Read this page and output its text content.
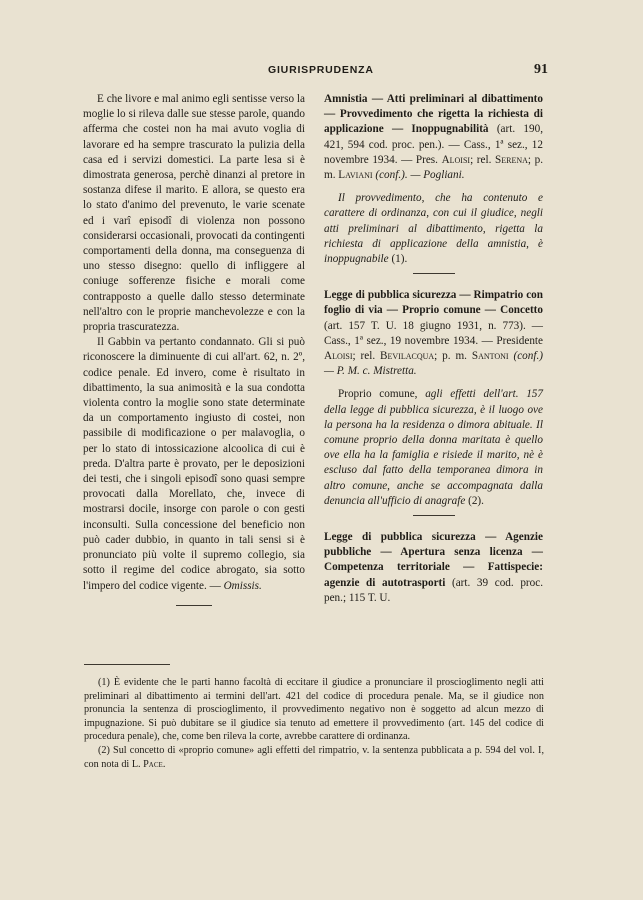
GIURISPRUDENZA	91

E che livore e mal animo egli sentisse verso la moglie lo si rileva dalle sue stesse parole, quando afferma che costei non ha mai avuto voglia di lavorare ed ha sempre trascurato la pulizia della casa ed i servizi domestici. La parte lesa si è dimostrata generosa, perchè dinanzi al pretore in sostanza difese il marito. E allora, se questo era lo stato d'animo del prevenuto, le varie scenate ed i varî episodî di violenza non possono considerarsi occasionali, provocati da contingenti comportamenti della donna, ma conseguenza di uno stesso disegno: quello di infliggere al coniuge sofferenze fisiche e morali come contrapposto a quelle dallo stesso determinate nell'altro con le proprie manchevolezze e con la propria trascuratezza.

Il Gabbin va pertanto condannato. Gli si può riconoscere la diminuente di cui all'art. 62, n. 2º, codice penale. Ed invero, come è risultato in dibattimento, la sua animosità e la sua condotta violenta contro la moglie sono state determinate da un comportamento ingiusto di costei, non passibile di modificazione o per malavoglia, o per lo stato di intossicazione alcoolica di cui è preda. D'altra parte è provato, per le deposizioni dei testi, che i singoli episodî sono quasi sempre provocati dalla Morellato, che, invece di mostrarsi docile, insorge con parole o con gesti inconsulti. Sulla concessione del beneficio non può cader dubbio, in quanto in tali sensi si è pronunciato più volte il supremo collegio, sia sotto il regime del codice abrogato, sia sotto l'impero del codice vigente. — Omissis.

Amnistia — Atti preliminari al dibattimento — Provvedimento che rigetta la richiesta di applicazione — Inoppugnabilità (art. 190, 421, 594 cod. proc. pen.). — Cass., 1ª sez., 12 novembre 1934. — Pres. Aloisi; rel. Serena; p. m. Laviani (conf.). — Pogliani.

Il provvedimento, che ha contenuto e carattere di ordinanza, con cui il giudice, negli atti preliminari al dibattimento, rigetta la richiesta di applicazione della amnistia, è inoppugnabile (1).

Legge di pubblica sicurezza — Rimpatrio con foglio di via — Proprio comune — Concetto (art. 157 T. U. 18 giugno 1931, n. 773). — Cass., 1ª sez., 19 novembre 1934. — Presidente Aloisi; rel. Bevilacqua; p. m. Santoni (conf.) — P. M. c. Mistretta.

Proprio comune, agli effetti dell'art. 157 della legge di pubblica sicurezza, è il luogo ove la persona ha la residenza o dimora abituale. Il comune proprio della donna maritata è quello ove ella ha la famiglia e risiede il marito, nè è escluso dal fatto della temporanea dimora in altro comune, anche se accompagnata dalla denuncia all'ufficio di anagrafe (2).

Legge di pubblica sicurezza — Agenzie pubbliche — Apertura senza licenza — Competenza territoriale — Fattispecie: agenzie di autotrasporti (art. 39 cod. proc. pen.; 115 T. U.

(1) È evidente che le parti hanno facoltà di eccitare il giudice a pronunciare il proscioglimento negli atti preliminari al dibattimento ai termini dell'art. 421 del codice di procedura penale. Ma, se il giudice non pronuncia la sentenza di proscioglimento, il provvedimento negativo non è soggetto ad alcun mezzo di impugnazione. Si può dubitare se il giudice sia tenuto ad emettere il provvedimento (art. 145 del codice di procedura penale), che, come ben rileva la corte, avrebbe carattere di ordinanza.

(2) Sul concetto di «proprio comune» agli effetti del rimpatrio, v. la sentenza pubblicata a p. 594 del vol. I, con nota di L. Pace.
